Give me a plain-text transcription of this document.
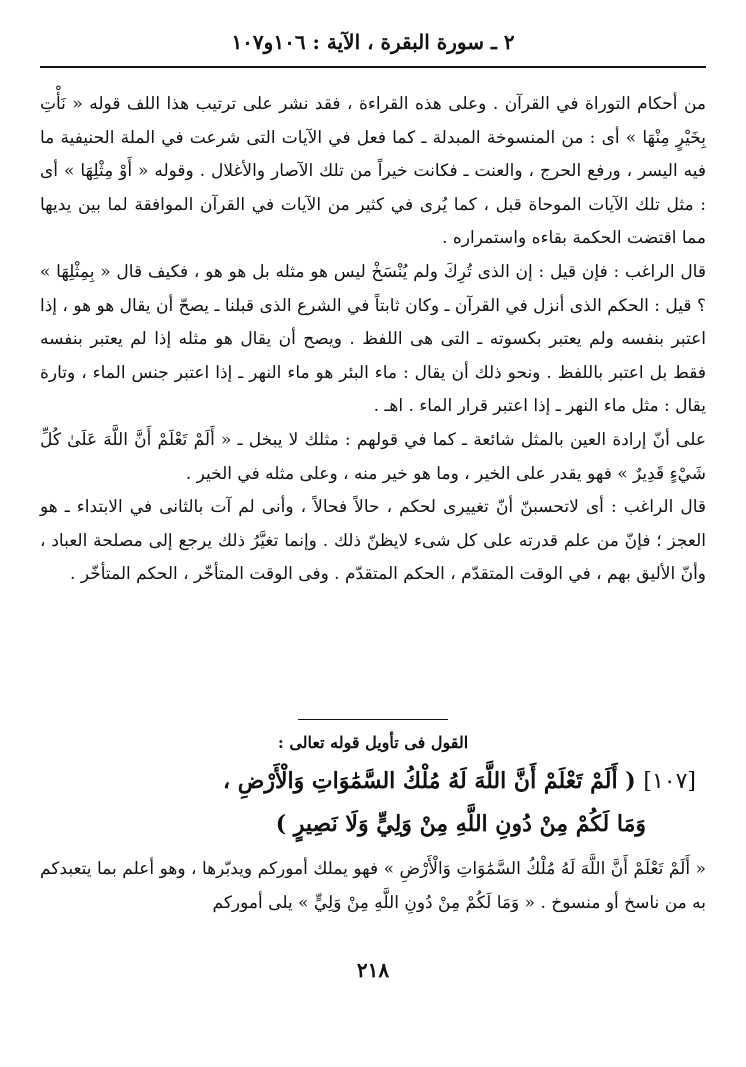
٢ ـ سورة البقرة ، الآية : ١٠٦و١٠٧

من أحكام التوراة في القرآن . وعلى هذه القراءة ، فقد نشر على ترتيب هذا اللف قوله « نَأْتِ بِخَيْرٍ مِنْهَا » أى : من المنسوخة المبدلة ـ كما فعل في الآيات التى شرعت في الملة الحنيفية ما فيه اليسر ، ورفع الحرج ، والعنت ـ فكانت خيراً من تلك الآصار والأغلال . وقوله « أَوْ مِثْلِهَا » أى : مثل تلك الآيات الموحاة قبل ، كما يُرى في كثير من الآيات في القرآن الموافقة لما بين يديها مما اقتضت الحكمة بقاءه واستمراره .

قال الراغب : فإن قيل : إن الذى تُرِكَ ولم يُنْسَخْ ليس هو مثله بل هو هو ، فكيف قال « بِمِثْلِهَا » ؟ قيل : الحكم الذى أنزل في القرآن ـ وكان ثابتاً في الشرع الذى قبلنا ـ يصحّ أن يقال هو هو ، إذا اعتبر بنفسه ولم يعتبر بكسوته ـ التى هى اللفظ . ويصح أن يقال هو مثله إذا لم يعتبر بنفسه فقط بل اعتبر باللفظ . ونحو ذلك أن يقال : ماء البئر هو ماء النهر ـ إذا اعتبر جنس الماء ، وتارة يقال : مثل ماء النهر ـ إذا اعتبر قرار الماء . اهـ .

على أنّ إرادة العين بالمثل شائعة ـ كما في قولهم : مثلك لا يبخل ـ « أَلَمْ تَعْلَمْ أَنَّ اللَّهَ عَلَىٰ كُلِّ شَيْءٍ قَدِيرٌ » فهو يقدر على الخير ، وما هو خير منه ، وعلى مثله في الخير .

قال الراغب : أى لاتحسبنّ أنّ تغييرى لحكم ، حالاً فحالاً ، وأنى لم آت بالثانى في الابتداء ـ هو العجز ؛ فإنّ من علم قدرته على كل شىء لايظنّ ذلك . وإنما تغيَّرُ ذلك يرجع إلى مصلحة العباد ، وأنّ الأليق بهم ، في الوقت المتقدّم ، الحكم المتقدّم . وفى الوقت المتأخّر ، الحكم المتأخّر .

القول فى تأويل قوله تعالى :
[١٠٧] ( أَلَمْ تَعْلَمْ أَنَّ اللَّهَ لَهُ مُلْكُ السَّمَٰوَاتِ وَالْأَرْضِ ،
وَمَا لَكُمْ مِنْ دُونِ اللَّهِ مِنْ وَلِيٍّ وَلَا نَصِيرٍ )

« أَلَمْ تَعْلَمْ أَنَّ اللَّهَ لَهُ مُلْكُ السَّمَٰوَاتِ وَالْأَرْضِ » فهو يملك أموركم ويدبّرها ، وهو أعلم بما يتعبدكم به من ناسخ أو منسوخ . « وَمَا لَكُمْ مِنْ دُونِ اللَّهِ مِنْ وَلِيٍّ » يلى أموركم

٢١٨
